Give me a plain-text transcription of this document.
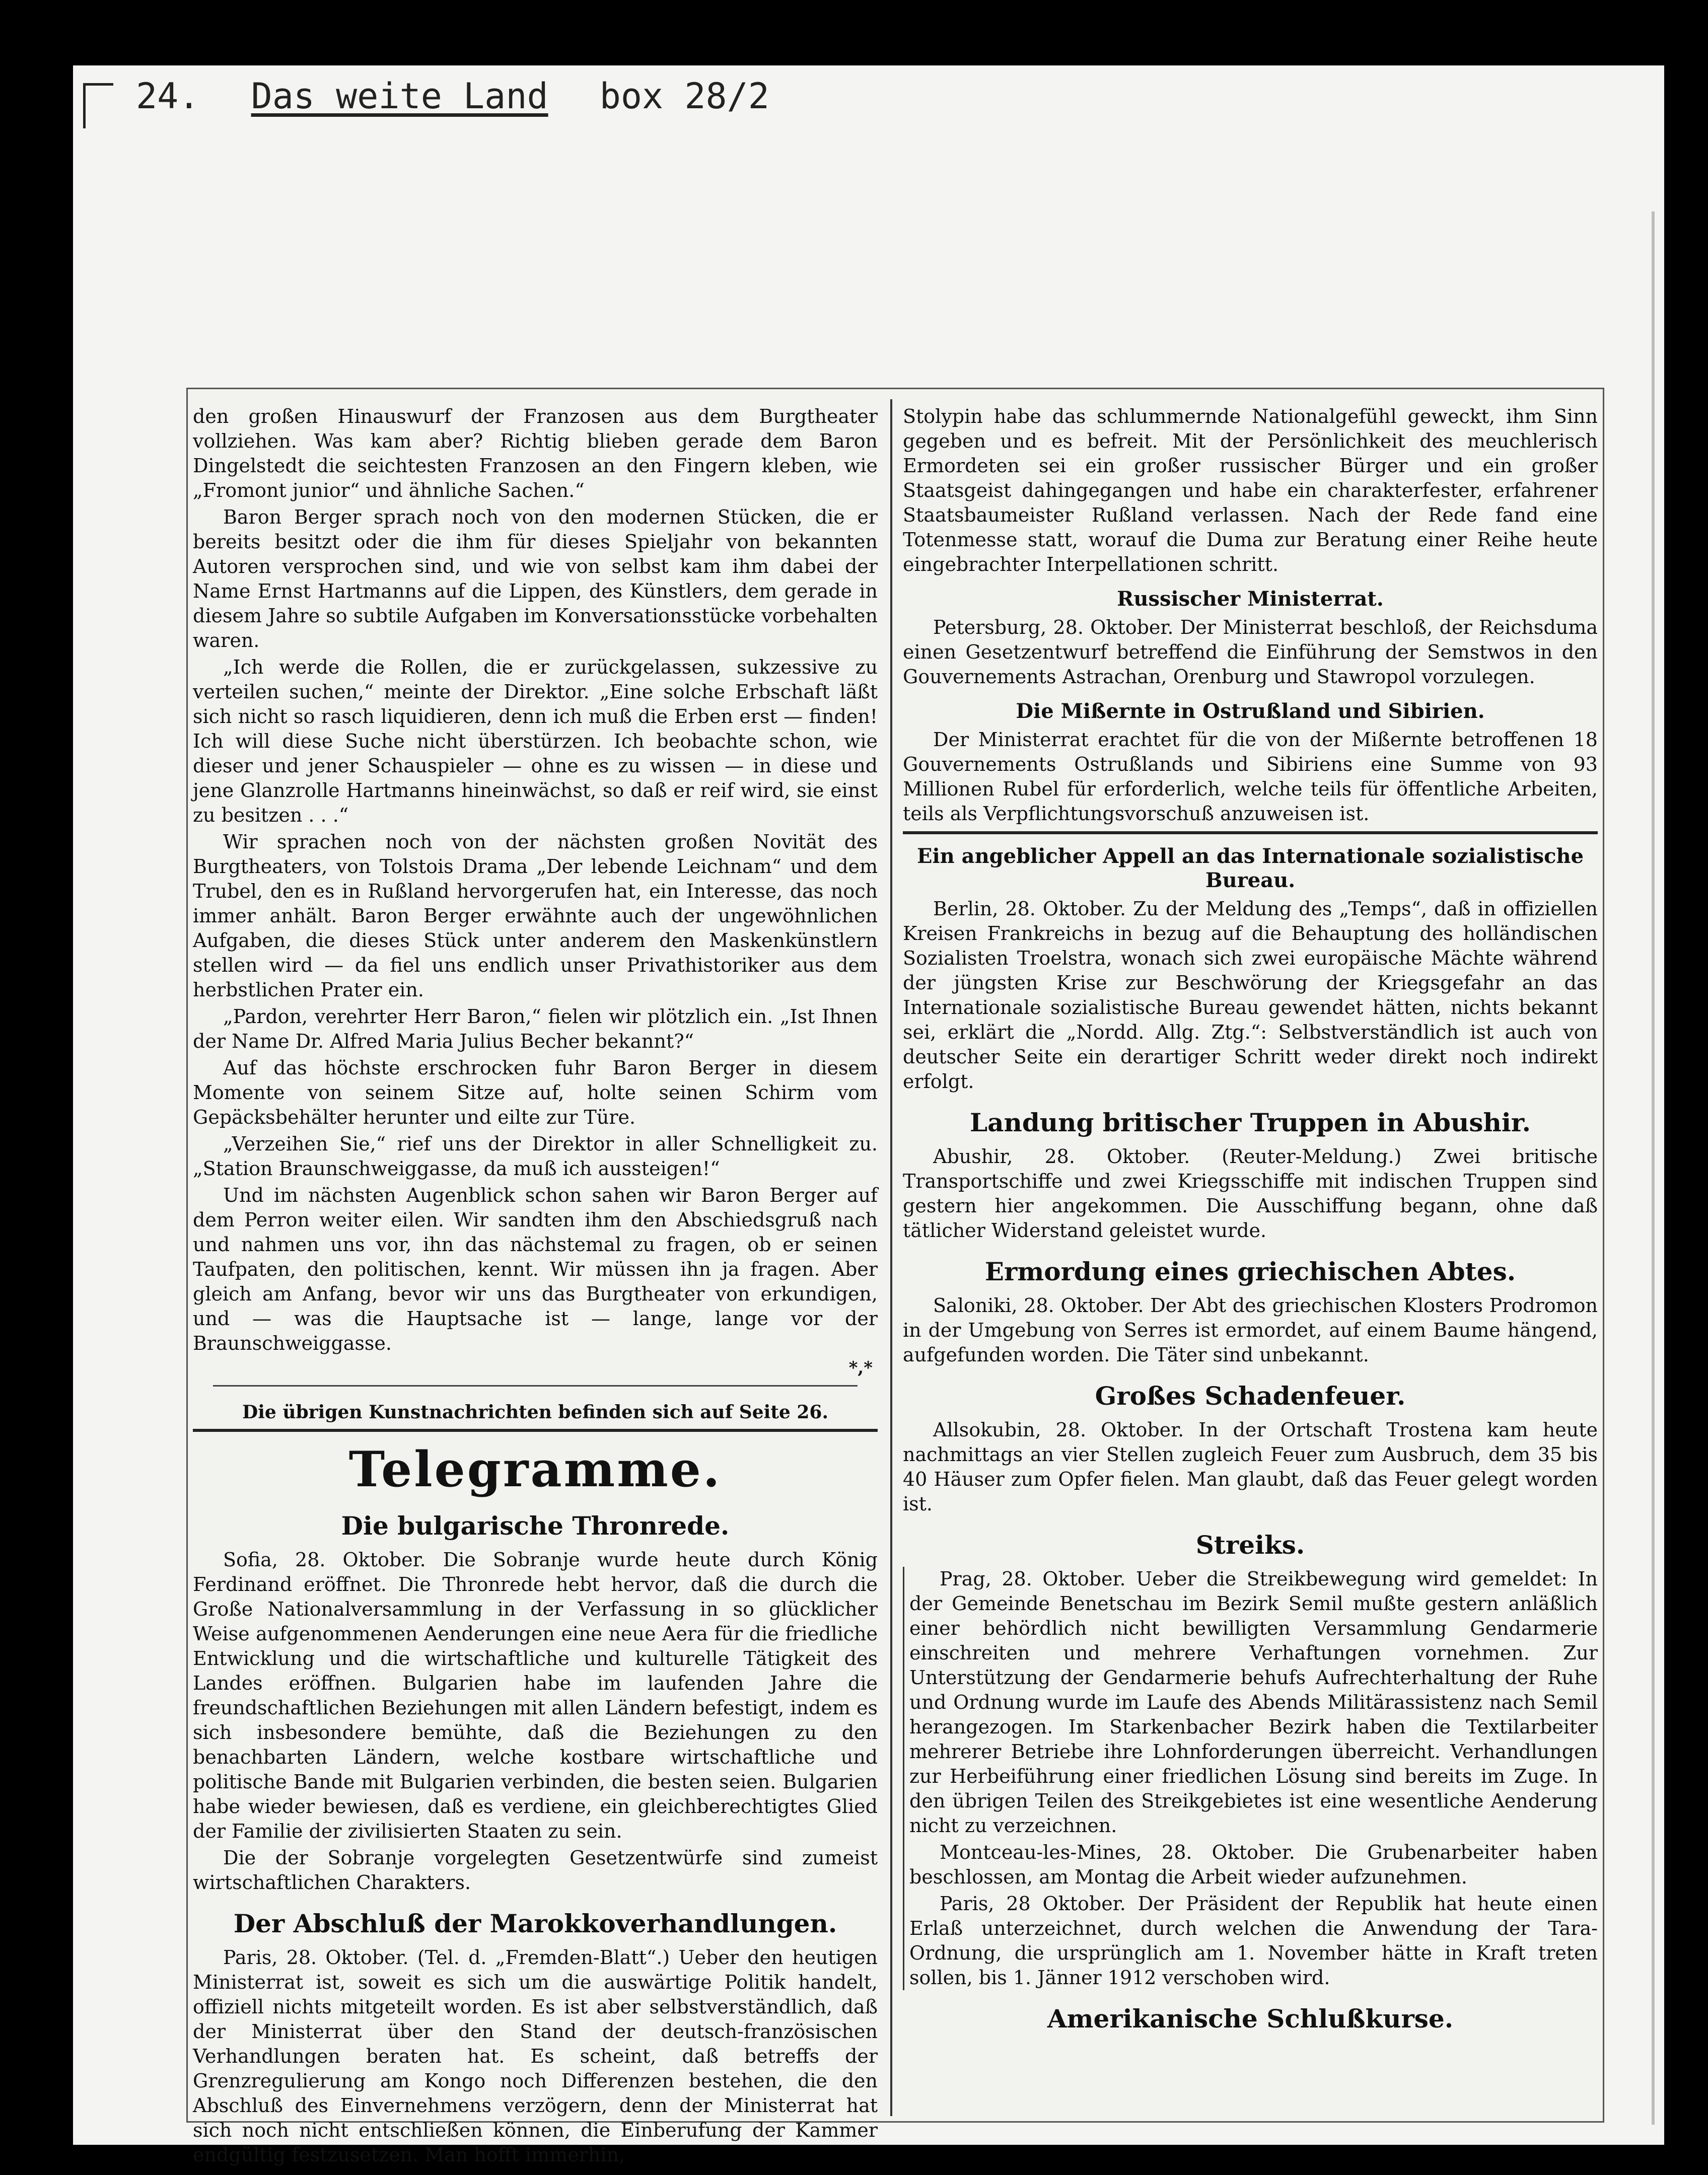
24. Das weite Land box 28/2

den großen Hinauswurf der Franzosen aus dem Burgtheater vollziehen. Was kam aber? Richtig blieben gerade dem Baron Dingelstedt die seichtesten Franzosen an den Fingern kleben, wie „Fromont junior“ und ähnliche Sachen.“

Baron Berger sprach noch von den modernen Stücken, die er bereits besitzt oder die ihm für dieses Spieljahr von bekannten Autoren versprochen sind, und wie von selbst kam ihm dabei der Name Ernst Hartmanns auf die Lippen, des Künstlers, dem gerade in diesem Jahre so subtile Aufgaben im Konversationsstücke vorbehalten waren.

„Ich werde die Rollen, die er zurückgelassen, sukzessive zu verteilen suchen,“ meinte der Direktor. „Eine solche Erbschaft läßt sich nicht so rasch liquidieren, denn ich muß die Erben erst — finden! Ich will diese Suche nicht überstürzen. Ich beobachte schon, wie dieser und jener Schauspieler — ohne es zu wissen — in diese und jene Glanzrolle Hartmanns hineinwächst, so daß er reif wird, sie einst zu besitzen . . .“

Wir sprachen noch von der nächsten großen Novität des Burgtheaters, von Tolstois Drama „Der lebende Leichnam“ und dem Trubel, den es in Rußland hervorgerufen hat, ein Interesse, das noch immer anhält. Baron Berger erwähnte auch der ungewöhnlichen Aufgaben, die dieses Stück unter anderem den Maskenkünstlern stellen wird — da fiel uns endlich unser Privathistoriker aus dem herbstlichen Prater ein.

„Pardon, verehrter Herr Baron,“ fielen wir plötzlich ein. „Ist Ihnen der Name Dr. Alfred Maria Julius Becher bekannt?“

Auf das höchste erschrocken fuhr Baron Berger in diesem Momente von seinem Sitze auf, holte seinen Schirm vom Gepäcksbehälter herunter und eilte zur Türe.

„Verzeihen Sie,“ rief uns der Direktor in aller Schnelligkeit zu. „Station Braunschweiggasse, da muß ich aussteigen!“

Und im nächsten Augenblick schon sahen wir Baron Berger auf dem Perron weiter eilen. Wir sandten ihm den Abschiedsgruß nach und nahmen uns vor, ihn das nächstemal zu fragen, ob er seinen Taufpaten, den politischen, kennt. Wir müssen ihn ja fragen. Aber gleich am Anfang, bevor wir uns das Burgtheater von erkundigen, und — was die Hauptsache ist — lange, lange vor der Braunschweiggasse.

*,*
Die übrigen Kunstnachrichten befinden sich auf Seite 26.
Telegramme.
Die bulgarische Thronrede.

Sofia, 28. Oktober. Die Sobranje wurde heute durch König Ferdinand eröffnet. Die Thronrede hebt hervor, daß die durch die Große Nationalversammlung in der Verfassung in so glücklicher Weise aufgenommenen Aenderungen eine neue Aera für die friedliche Entwicklung und die wirtschaftliche und kulturelle Tätigkeit des Landes eröffnen. Bulgarien habe im laufenden Jahre die freundschaftlichen Beziehungen mit allen Ländern befestigt, indem es sich insbesondere bemühte, daß die Beziehungen zu den benachbarten Ländern, welche kostbare wirtschaftliche und politische Bande mit Bulgarien verbinden, die besten seien. Bulgarien habe wieder bewiesen, daß es verdiene, ein gleichberechtigtes Glied der Familie der zivilisierten Staaten zu sein.

Die der Sobranje vorgelegten Gesetzentwürfe sind zumeist wirtschaftlichen Charakters.

Der Abschluß der Marokkoverhandlungen.

Paris, 28. Oktober. (Tel. d. „Fremden-Blatt“.) Ueber den heutigen Ministerrat ist, soweit es sich um die auswärtige Politik handelt, offiziell nichts mitgeteilt worden. Es ist aber selbstverständlich, daß der Ministerrat über den Stand der deutsch-französischen Verhandlungen beraten hat. Es scheint, daß betreffs der Grenzregulierung am Kongo noch Differenzen bestehen, die den Abschluß des Einvernehmens verzögern, denn der Ministerrat hat sich noch nicht entschließen können, die Einberufung der Kammer endgültig festzusetzen. Man hofft immerhin,

Stolypin habe das schlummernde Nationalgefühl geweckt, ihm Sinn gegeben und es befreit. Mit der Persönlichkeit des meuchlerisch Ermordeten sei ein großer russischer Bürger und ein großer Staatsgeist dahingegangen und habe ein charakterfester, erfahrener Staatsbaumeister Rußland verlassen. Nach der Rede fand eine Totenmesse statt, worauf die Duma zur Beratung einer Reihe heute eingebrachter Interpellationen schritt.

Russischer Ministerrat.

Petersburg, 28. Oktober. Der Ministerrat beschloß, der Reichsduma einen Gesetzentwurf betreffend die Einführung der Semstwos in den Gouvernements Astrachan, Orenburg und Stawropol vorzulegen.

Die Mißernte in Ostrußland und Sibirien.

Der Ministerrat erachtet für die von der Mißernte betroffenen 18 Gouvernements Ostrußlands und Sibiriens eine Summe von 93 Millionen Rubel für erforderlich, welche teils für öffentliche Arbeiten, teils als Verpflichtungsvorschuß anzuweisen ist.

Ein angeblicher Appell an das Internationale sozialistische Bureau.

Berlin, 28. Oktober. Zu der Meldung des „Temps“, daß in offiziellen Kreisen Frankreichs in bezug auf die Behauptung des holländischen Sozialisten Troelstra, wonach sich zwei europäische Mächte während der jüngsten Krise zur Beschwörung der Kriegsgefahr an das Internationale sozialistische Bureau gewendet hätten, nichts bekannt sei, erklärt die „Nordd. Allg. Ztg.“: Selbstverständlich ist auch von deutscher Seite ein derartiger Schritt weder direkt noch indirekt erfolgt.

Landung britischer Truppen in Abushir.

Abushir, 28. Oktober. (Reuter-Meldung.) Zwei britische Transportschiffe und zwei Kriegsschiffe mit indischen Truppen sind gestern hier angekommen. Die Ausschiffung begann, ohne daß tätlicher Widerstand geleistet wurde.

Ermordung eines griechischen Abtes.

Saloniki, 28. Oktober. Der Abt des griechischen Klosters Prodromon in der Umgebung von Serres ist ermordet, auf einem Baume hängend, aufgefunden worden. Die Täter sind unbekannt.

Großes Schadenfeuer.

Allsokubin, 28. Oktober. In der Ortschaft Trostena kam heute nachmittags an vier Stellen zugleich Feuer zum Ausbruch, dem 35 bis 40 Häuser zum Opfer fielen. Man glaubt, daß das Feuer gelegt worden ist.

Streiks.

Prag, 28. Oktober. Ueber die Streikbewegung wird gemeldet: In der Gemeinde Benetschau im Bezirk Semil mußte gestern anläßlich einer behördlich nicht bewilligten Versammlung Gendarmerie einschreiten und mehrere Verhaftungen vornehmen. Zur Unterstützung der Gendarmerie behufs Aufrechterhaltung der Ruhe und Ordnung wurde im Laufe des Abends Militärassistenz nach Semil herangezogen. Im Starkenbacher Bezirk haben die Textilarbeiter mehrerer Betriebe ihre Lohnforderungen überreicht. Verhandlungen zur Herbeiführung einer friedlichen Lösung sind bereits im Zuge. In den übrigen Teilen des Streikgebietes ist eine wesentliche Aenderung nicht zu verzeichnen.

Montceau-les-Mines, 28. Oktober. Die Grubenarbeiter haben beschlossen, am Montag die Arbeit wieder aufzunehmen.

Paris, 28 Oktober. Der Präsident der Republik hat heute einen Erlaß unterzeichnet, durch welchen die Anwendung der Tara-Ordnung, die ursprünglich am 1. November hätte in Kraft treten sollen, bis 1. Jänner 1912 verschoben wird.

Amerikanische Schlußkurse.
